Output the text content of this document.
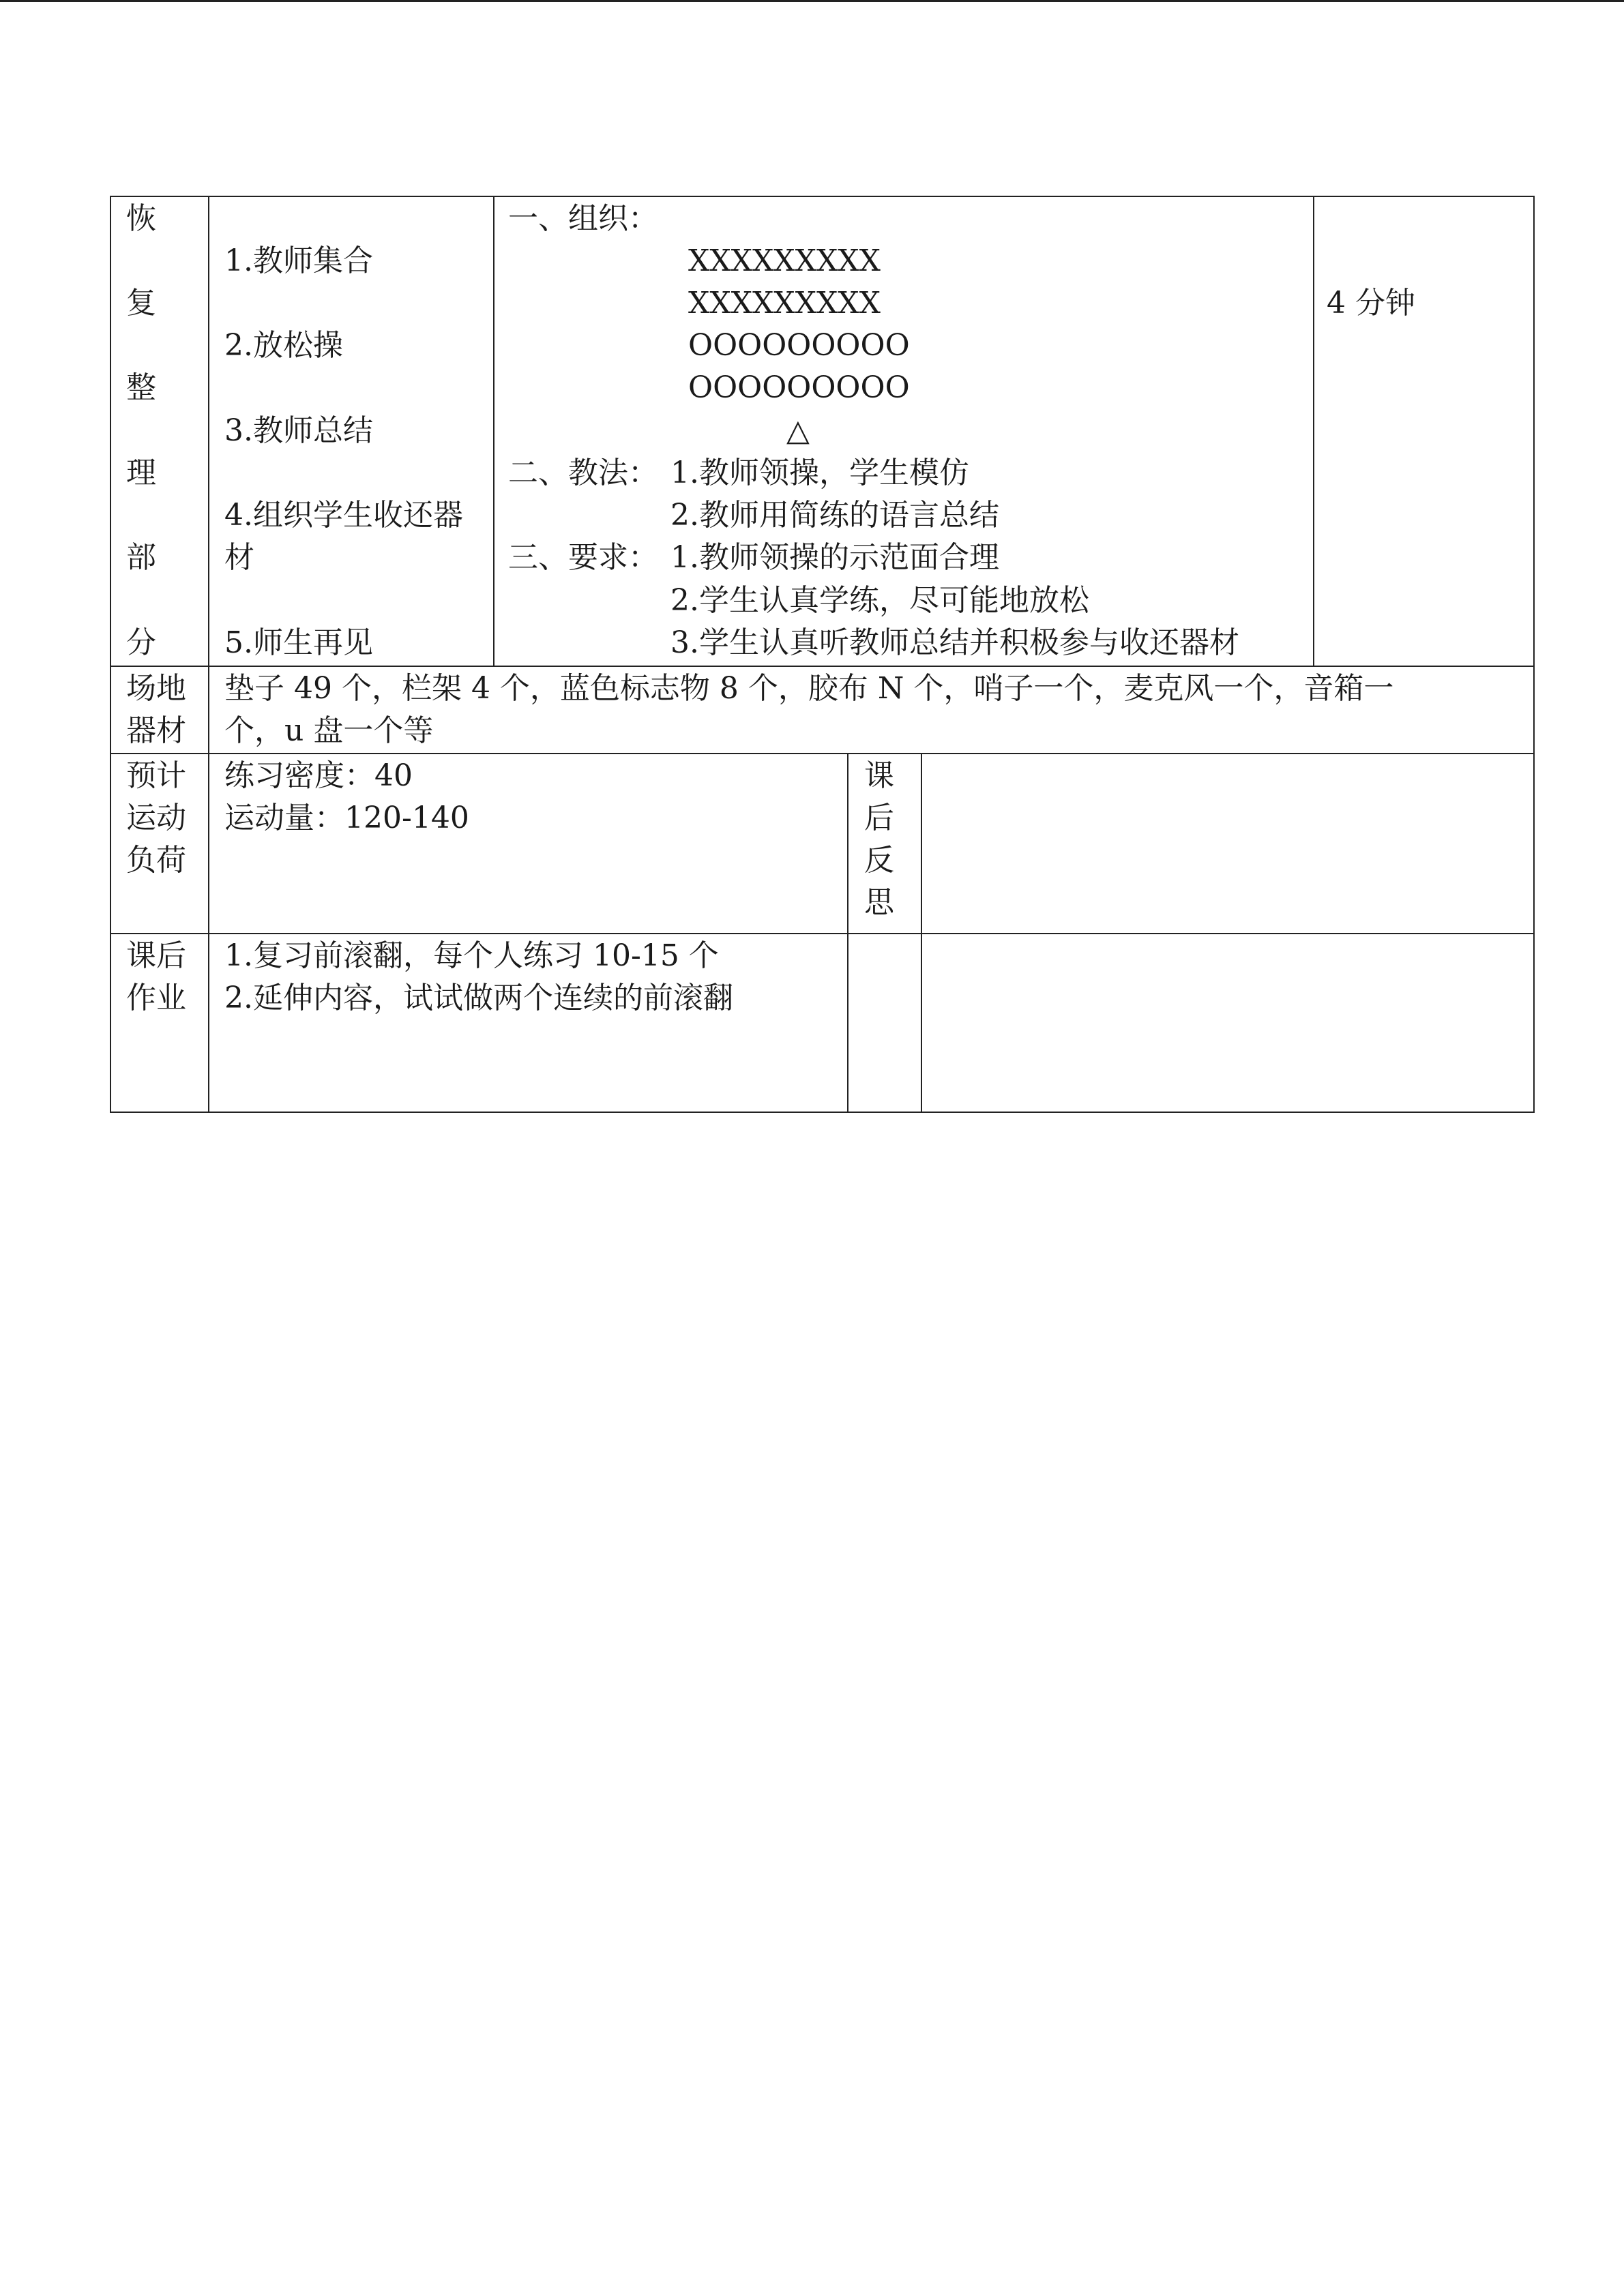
恢
复
整
理
部
分
1.教师集合
2.放松操
3.教师总结
4.组织学生收还器
材
5.师生再见
一、组织：
XXXXXXXXX
XXXXXXXXX
OOOOOOOOO
OOOOOOOOO
△
二、教法： 1.教师领操，学生模仿
2.教师用简练的语言总结
三、要求： 1.教师领操的示范面合理
2.学生认真学练，尽可能地放松
3.学生认真听教师总结并积极参与收还器材
4 分钟
场地
器材
垫子 49 个，栏架 4 个，蓝色标志物 8 个，胶布 N 个，哨子一个，麦克风一个，音箱一
个，u 盘一个等
预计
运动
负荷
练习密度：40
运动量：120-140
课
后
反
思
课后
作业
1.复习前滚翻，每个人练习 10-15 个
2.延伸内容，试试做两个连续的前滚翻
